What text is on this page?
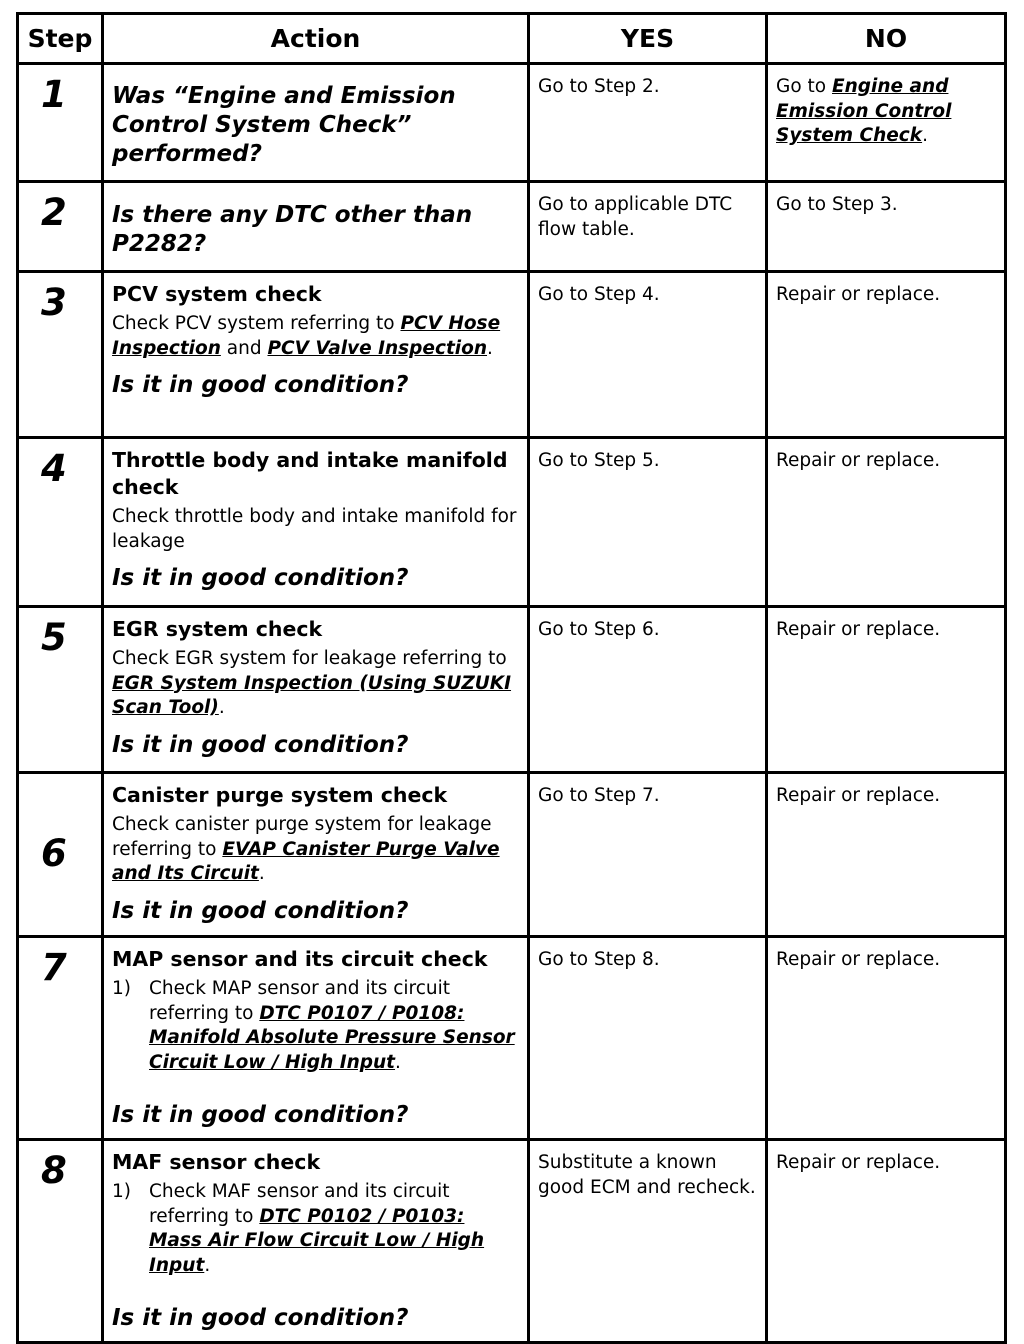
Step	Action	YES	NO

1	Was “Engine and Emission Control System Check” performed?	Go to Step 2.	Go to Engine and Emission Control System Check.

2	Is there any DTC other than P2282?	Go to applicable DTC flow table.	Go to Step 3.

3	PCV system check
Check PCV system referring to PCV Hose Inspection and PCV Valve Inspection.
Is it in good condition?	Go to Step 4.	Repair or replace.

4	Throttle body and intake manifold check
Check throttle body and intake manifold for leakage
Is it in good condition?	Go to Step 5.	Repair or replace.

5	EGR system check
Check EGR system for leakage referring to EGR System Inspection (Using SUZUKI Scan Tool).
Is it in good condition?	Go to Step 6.	Repair or replace.

6	Canister purge system check
Check canister purge system for leakage referring to EVAP Canister Purge Valve and Its Circuit.
Is it in good condition?	Go to Step 7.	Repair or replace.

7	MAP sensor and its circuit check
1) Check MAP sensor and its circuit referring to DTC P0107 / P0108: Manifold Absolute Pressure Sensor Circuit Low / High Input.
Is it in good condition?	Go to Step 8.	Repair or replace.

8	MAF sensor check
1) Check MAF sensor and its circuit referring to DTC P0102 / P0103: Mass Air Flow Circuit Low / High Input.
Is it in good condition?	Substitute a known good ECM and recheck.	Repair or replace.
